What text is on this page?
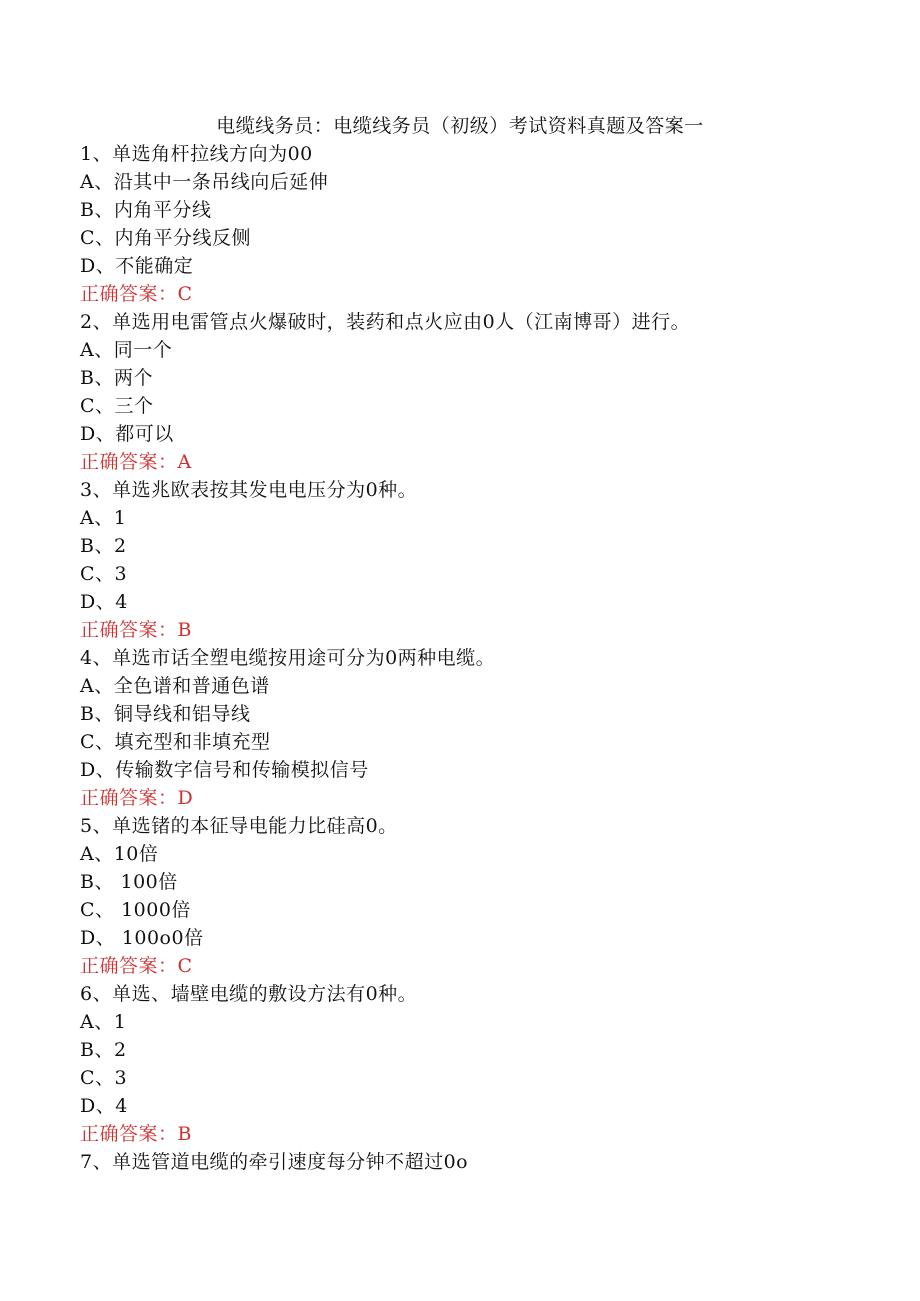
电缆线务员：电缆线务员（初级）考试资料真题及答案一
1、单选角杆拉线方向为00
A、沿其中一条吊线向后延伸
B、内角平分线
C、内角平分线反侧
D、不能确定
正确答案：C
2、单选用电雷管点火爆破时，装药和点火应由0人（江南博哥）进行。
A、同一个
B、两个
C、三个
D、都可以
正确答案：A
3、单选兆欧表按其发电电压分为0种。
A、1
B、2
C、3
D、4
正确答案：B
4、单选市话全塑电缆按用途可分为0两种电缆。
A、全色谱和普通色谱
B、铜导线和铝导线
C、填充型和非填充型
D、传输数字信号和传输模拟信号
正确答案：D
5、单选锗的本征导电能力比硅高0。
A、10倍
B、 100倍
C、 1000倍
D、 100o0倍
正确答案：C
6、单选、墙壁电缆的敷设方法有0种。
A、1
B、2
C、3
D、4
正确答案：B
7、单选管道电缆的牵引速度每分钟不超过0o
